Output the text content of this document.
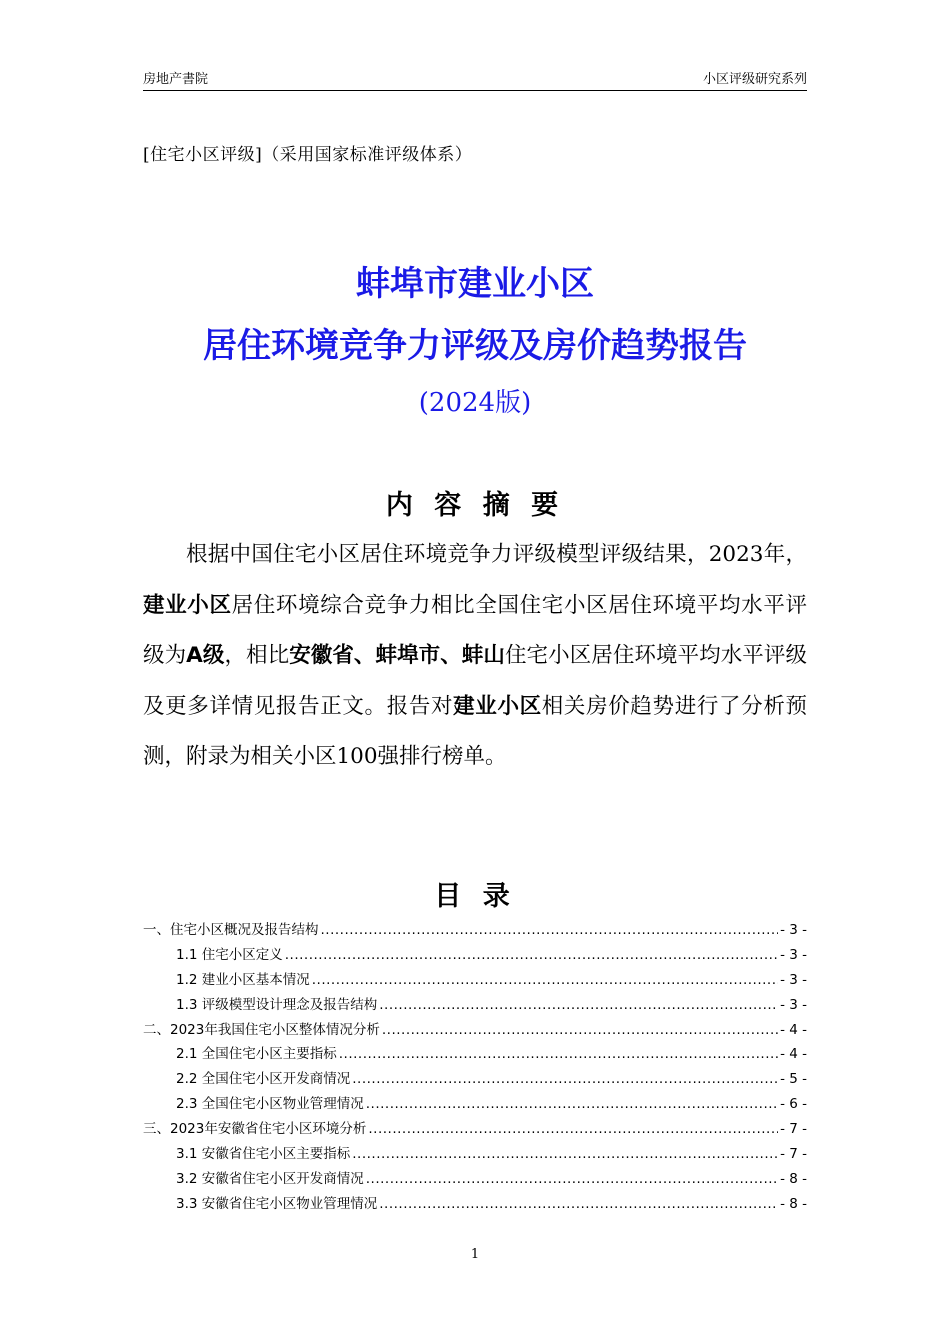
房地产書院	小区评级研究系列
[住宅小区评级]（采用国家标准评级体系）
蚌埠市建业小区
居住环境竞争力评级及房价趋势报告
(2024版)
内 容 摘 要

根据中国住宅小区居住环境竞争力评级模型评级结果，2023年，建业小区居住环境综合竞争力相比全国住宅小区居住环境平均水平评级为A级，相比安徽省、蚌埠市、蚌山住宅小区居住环境平均水平评级及更多详情见报告正文。报告对建业小区相关房价趋势进行了分析预测，附录为相关小区100强排行榜单。

目 录
一、住宅小区概况及报告结构 .....	- 3 -
1.1 住宅小区定义 .....	- 3 -
1.2 建业小区基本情况 .....	- 3 -
1.3 评级模型设计理念及报告结构 .....	- 3 -
二、2023年我国住宅小区整体情况分析 .....	- 4 -
2.1 全国住宅小区主要指标 .....	- 4 -
2.2 全国住宅小区开发商情况 .....	- 5 -
2.3 全国住宅小区物业管理情况 .....	- 6 -
三、2023年安徽省住宅小区环境分析 .....	- 7 -
3.1 安徽省住宅小区主要指标 .....	- 7 -
3.2 安徽省住宅小区开发商情况 .....	- 8 -
3.3 安徽省住宅小区物业管理情况 .....	- 8 -
1
